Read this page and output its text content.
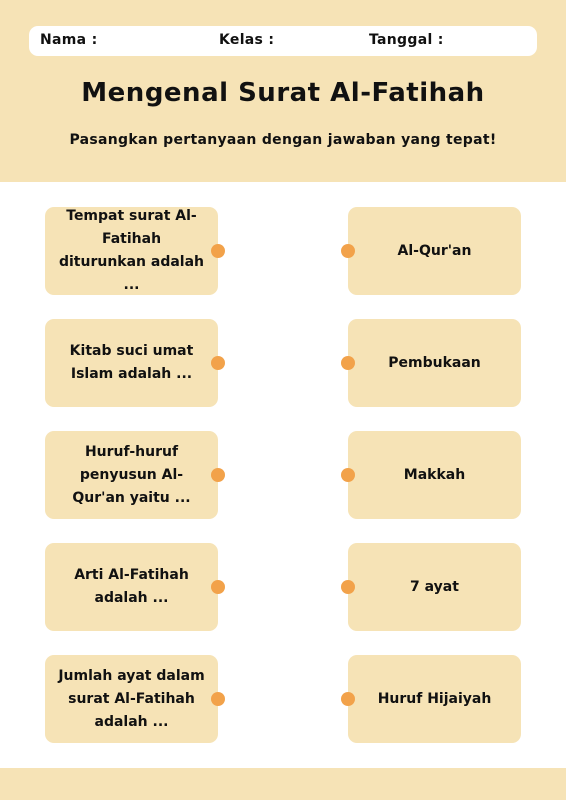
Nama :	Kelas :	Tanggal :
Mengenal Surat Al-Fatihah
Pasangkan pertanyaan dengan jawaban yang tepat!
Tempat surat Al-Fatihah diturunkan adalah ...
Kitab suci umat Islam adalah ...
Huruf-huruf penyusun Al-Qur'an yaitu ...
Arti Al-Fatihah adalah ...
Jumlah ayat dalam surat Al-Fatihah adalah ...
Al-Qur'an
Pembukaan
Makkah
7 ayat
Huruf Hijaiyah
